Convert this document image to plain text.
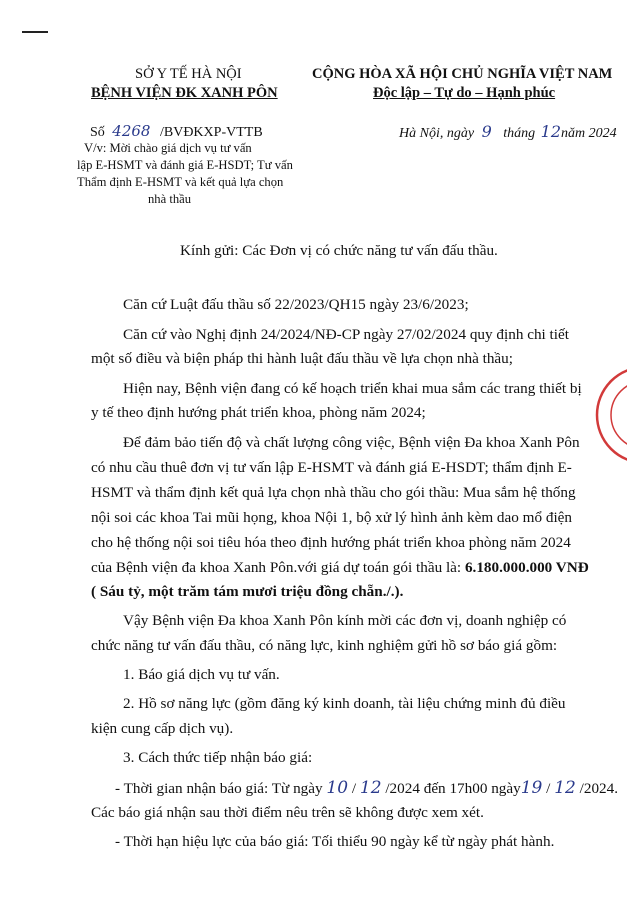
SỞ Y TẾ HÀ NỘI
BỆNH VIỆN ĐK XANH PÔN
CỘNG HÒA XÃ HỘI CHỦ NGHĨA VIỆT NAM
Độc lập – Tự do – Hạnh phúc
Số 4268 /BVĐKXP-VTTB	Hà Nội, ngày 9 tháng 12năm 2024
V/v: Mời chào giá dịch vụ tư vấn
lập E-HSMT và đánh giá E-HSDT; Tư vấn
Thẩm định E-HSMT và kết quả lựa chọn
nhà thầu
Kính gửi: Các Đơn vị có chức năng tư vấn đấu thầu.
Căn cứ Luật đấu thầu số 22/2023/QH15 ngày 23/6/2023;
Căn cứ vào Nghị định 24/2024/NĐ-CP ngày 27/02/2024 quy định chi tiết
một số điều và biện pháp thi hành luật đấu thầu về lựa chọn nhà thầu;
Hiện nay, Bệnh viện đang có kế hoạch triển khai mua sắm các trang thiết bị
y tế theo định hướng phát triển khoa, phòng năm 2024;
Để đảm bảo tiến độ và chất lượng công việc, Bệnh viện Đa khoa Xanh Pôn
có nhu cầu thuê đơn vị tư vấn lập E-HSMT và đánh giá E-HSDT; thẩm định E-
HSMT và thẩm định kết quả lựa chọn nhà thầu cho gói thầu: Mua sắm hệ thống
nội soi các khoa Tai mũi họng, khoa Nội 1, bộ xử lý hình ảnh kèm dao mổ điện
cho hệ thống nội soi tiêu hóa theo định hướng phát triển khoa phòng năm 2024
của Bệnh viện đa khoa Xanh Pôn.với giá dự toán gói thầu là: 6.180.000.000 VNĐ
( Sáu tỷ, một trăm tám mươi triệu đồng chẵn./.).
Vậy Bệnh viện Đa khoa Xanh Pôn kính mời các đơn vị, doanh nghiệp có
chức năng tư vấn đấu thầu, có năng lực, kinh nghiệm gửi hồ sơ báo giá gồm:
1. Báo giá dịch vụ tư vấn.
2. Hồ sơ năng lực (gồm đăng ký kinh doanh, tài liệu chứng minh đủ điều
kiện cung cấp dịch vụ).
3. Cách thức tiếp nhận báo giá:
- Thời gian nhận báo giá: Từ ngày 10 / 12 /2024 đến 17h00 ngày19 / 12 /2024.
Các báo giá nhận sau thời điểm nêu trên sẽ không được xem xét.
- Thời hạn hiệu lực của báo giá: Tối thiểu 90 ngày kể từ ngày phát hành.
